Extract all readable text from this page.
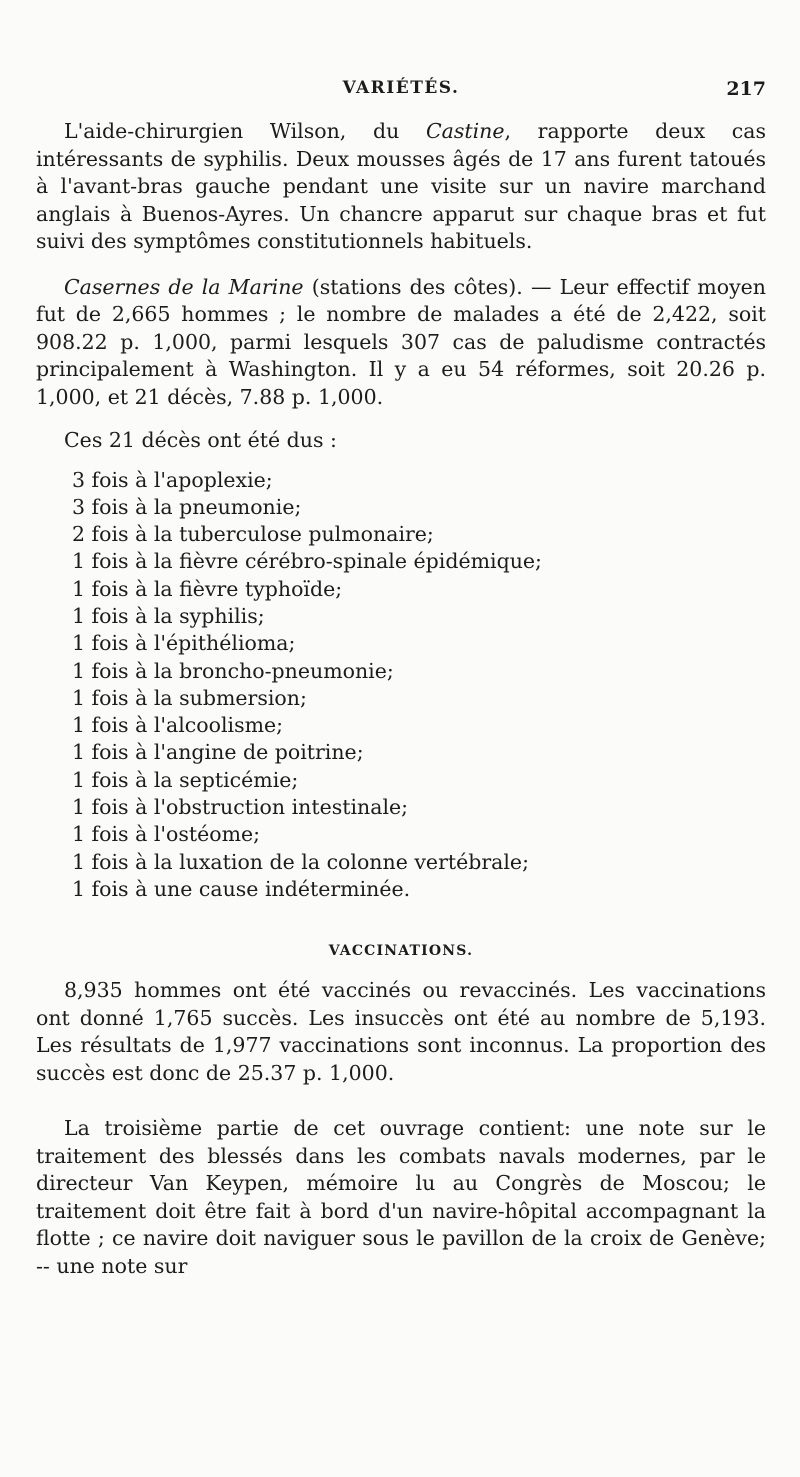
VARIÉTÉS.	217

L'aide-chirurgien Wilson, du Castine, rapporte deux cas intéressants de syphilis. Deux mousses âgés de 17 ans furent tatoués à l'avant-bras gauche pendant une visite sur un navire marchand anglais à Buenos-Ayres. Un chancre apparut sur chaque bras et fut suivi des symptômes constitutionnels habituels.

Casernes de la Marine (stations des côtes). — Leur effectif moyen fut de 2,665 hommes ; le nombre de malades a été de 2,422, soit 908.22 p. 1,000, parmi lesquels 307 cas de paludisme contractés principalement à Washington. Il y a eu 54 réformes, soit 20.26 p. 1,000, et 21 décès, 7.88 p. 1,000.

Ces 21 décès ont été dus :

3 fois à l'apoplexie;
3 fois à la pneumonie;
2 fois à la tuberculose pulmonaire;
1 fois à la fièvre cérébro-spinale épidémique;
1 fois à la fièvre typhoïde;
1 fois à la syphilis;
1 fois à l'épithélioma;
1 fois à la broncho-pneumonie;
1 fois à la submersion;
1 fois à l'alcoolisme;
1 fois à l'angine de poitrine;
1 fois à la septicémie;
1 fois à l'obstruction intestinale;
1 fois à l'ostéome;
1 fois à la luxation de la colonne vertébrale;
1 fois à une cause indéterminée.
VACCINATIONS.

8,935 hommes ont été vaccinés ou revaccinés. Les vaccinations ont donné 1,765 succès. Les insuccès ont été au nombre de 5,193. Les résultats de 1,977 vaccinations sont inconnus. La proportion des succès est donc de 25.37 p. 1,000.

La troisième partie de cet ouvrage contient: une note sur le traitement des blessés dans les combats navals modernes, par le directeur Van Keypen, mémoire lu au Congrès de Moscou; le traitement doit être fait à bord d'un navire-hôpital accompagnant la flotte ; ce navire doit naviguer sous le pavillon de la croix de Genève; -- une note sur
